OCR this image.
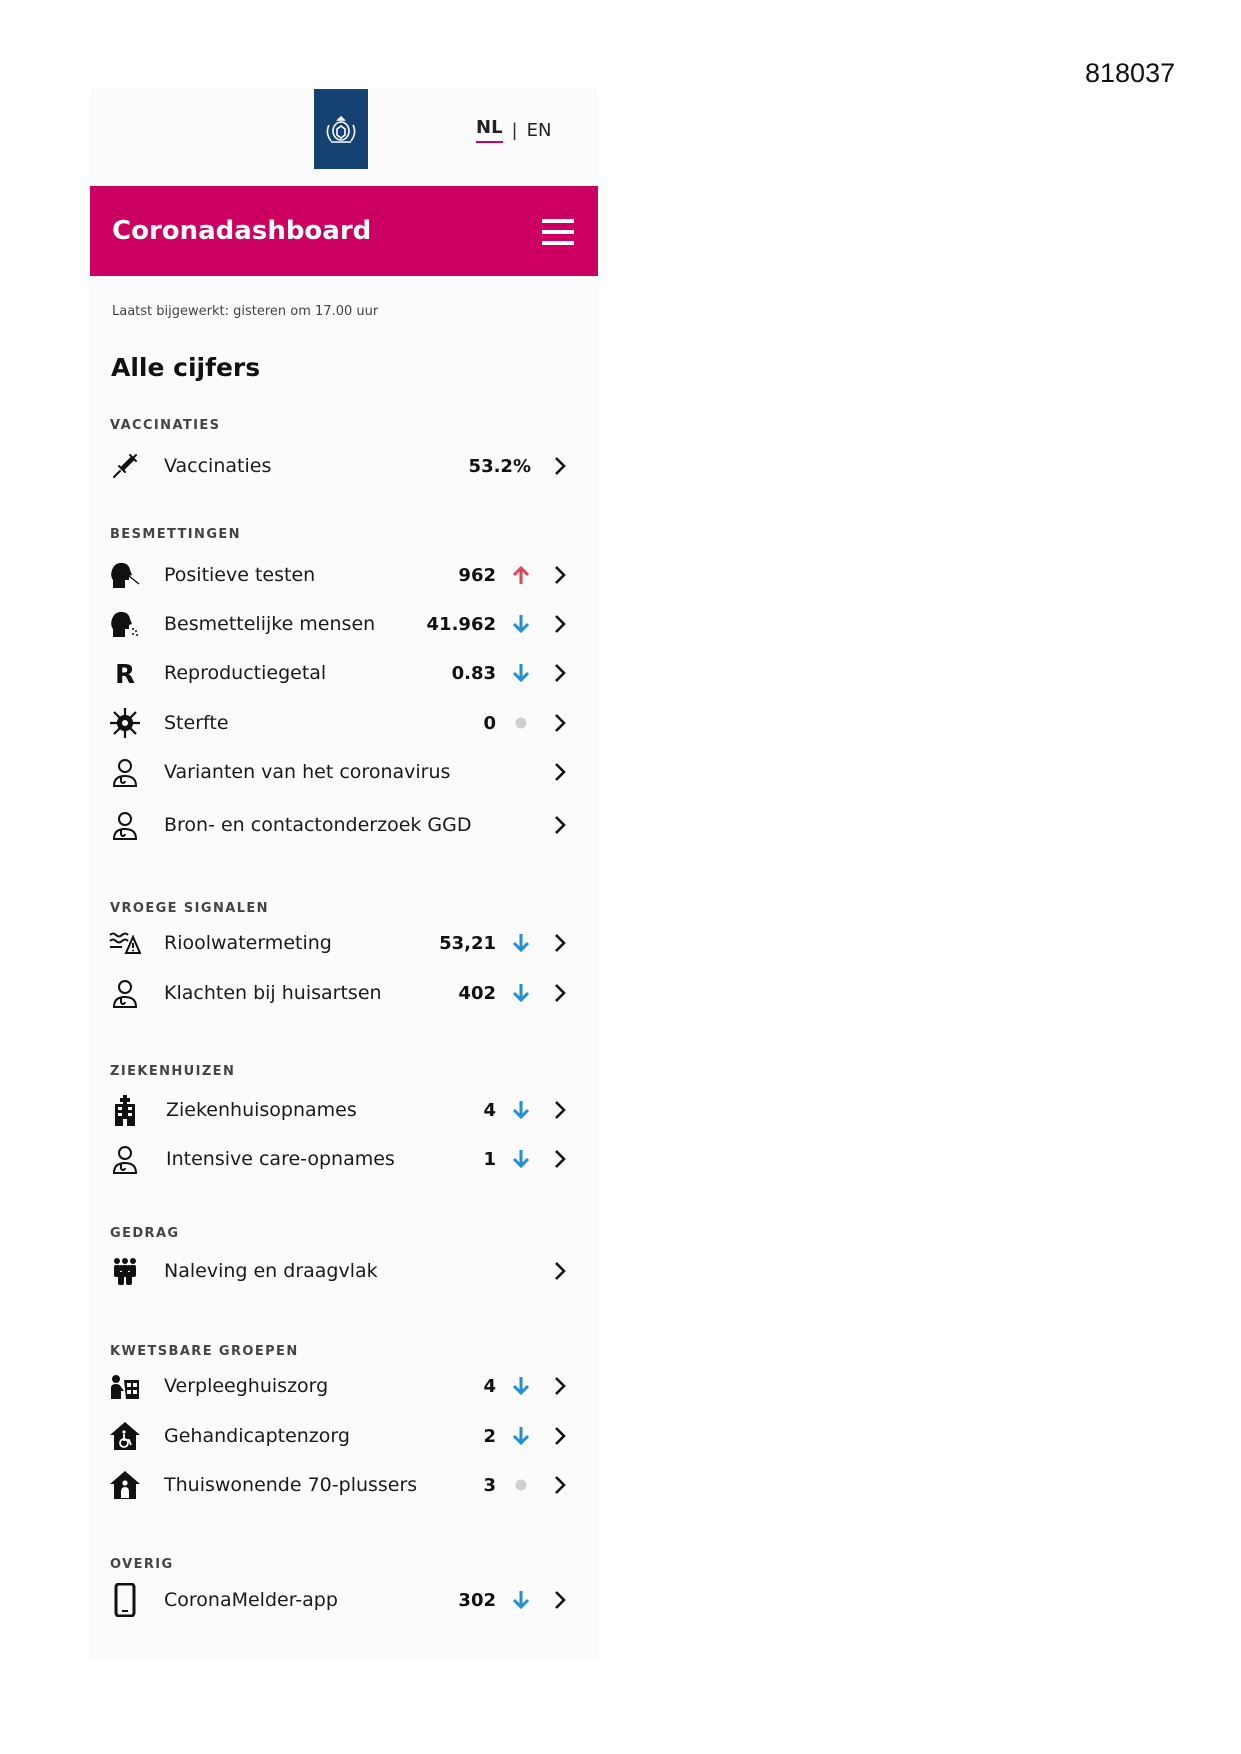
818037
NL | EN
Coronadashboard
Laatst bijgewerkt: gisteren om 17.00 uur
Alle cijfers
VACCINATIES
Vaccinaties	53.2%
BESMETTINGEN
Positieve testen	962
Besmettelijke mensen	41.962
R Reproductiegetal	0.83
Sterfte	0
Varianten van het coronavirus
Bron- en contactonderzoek GGD
VROEGE SIGNALEN
Rioolwatermeting	53,21
Klachten bij huisartsen	402
ZIEKENHUIZEN
Ziekenhuisopnames	4
Intensive care-opnames	1
GEDRAG
Naleving en draagvlak
KWETSBARE GROEPEN
Verpleeghuiszorg	4
Gehandicaptenzorg	2
Thuiswonende 70-plussers	3
OVERIG
CoronaMelder-app	302
